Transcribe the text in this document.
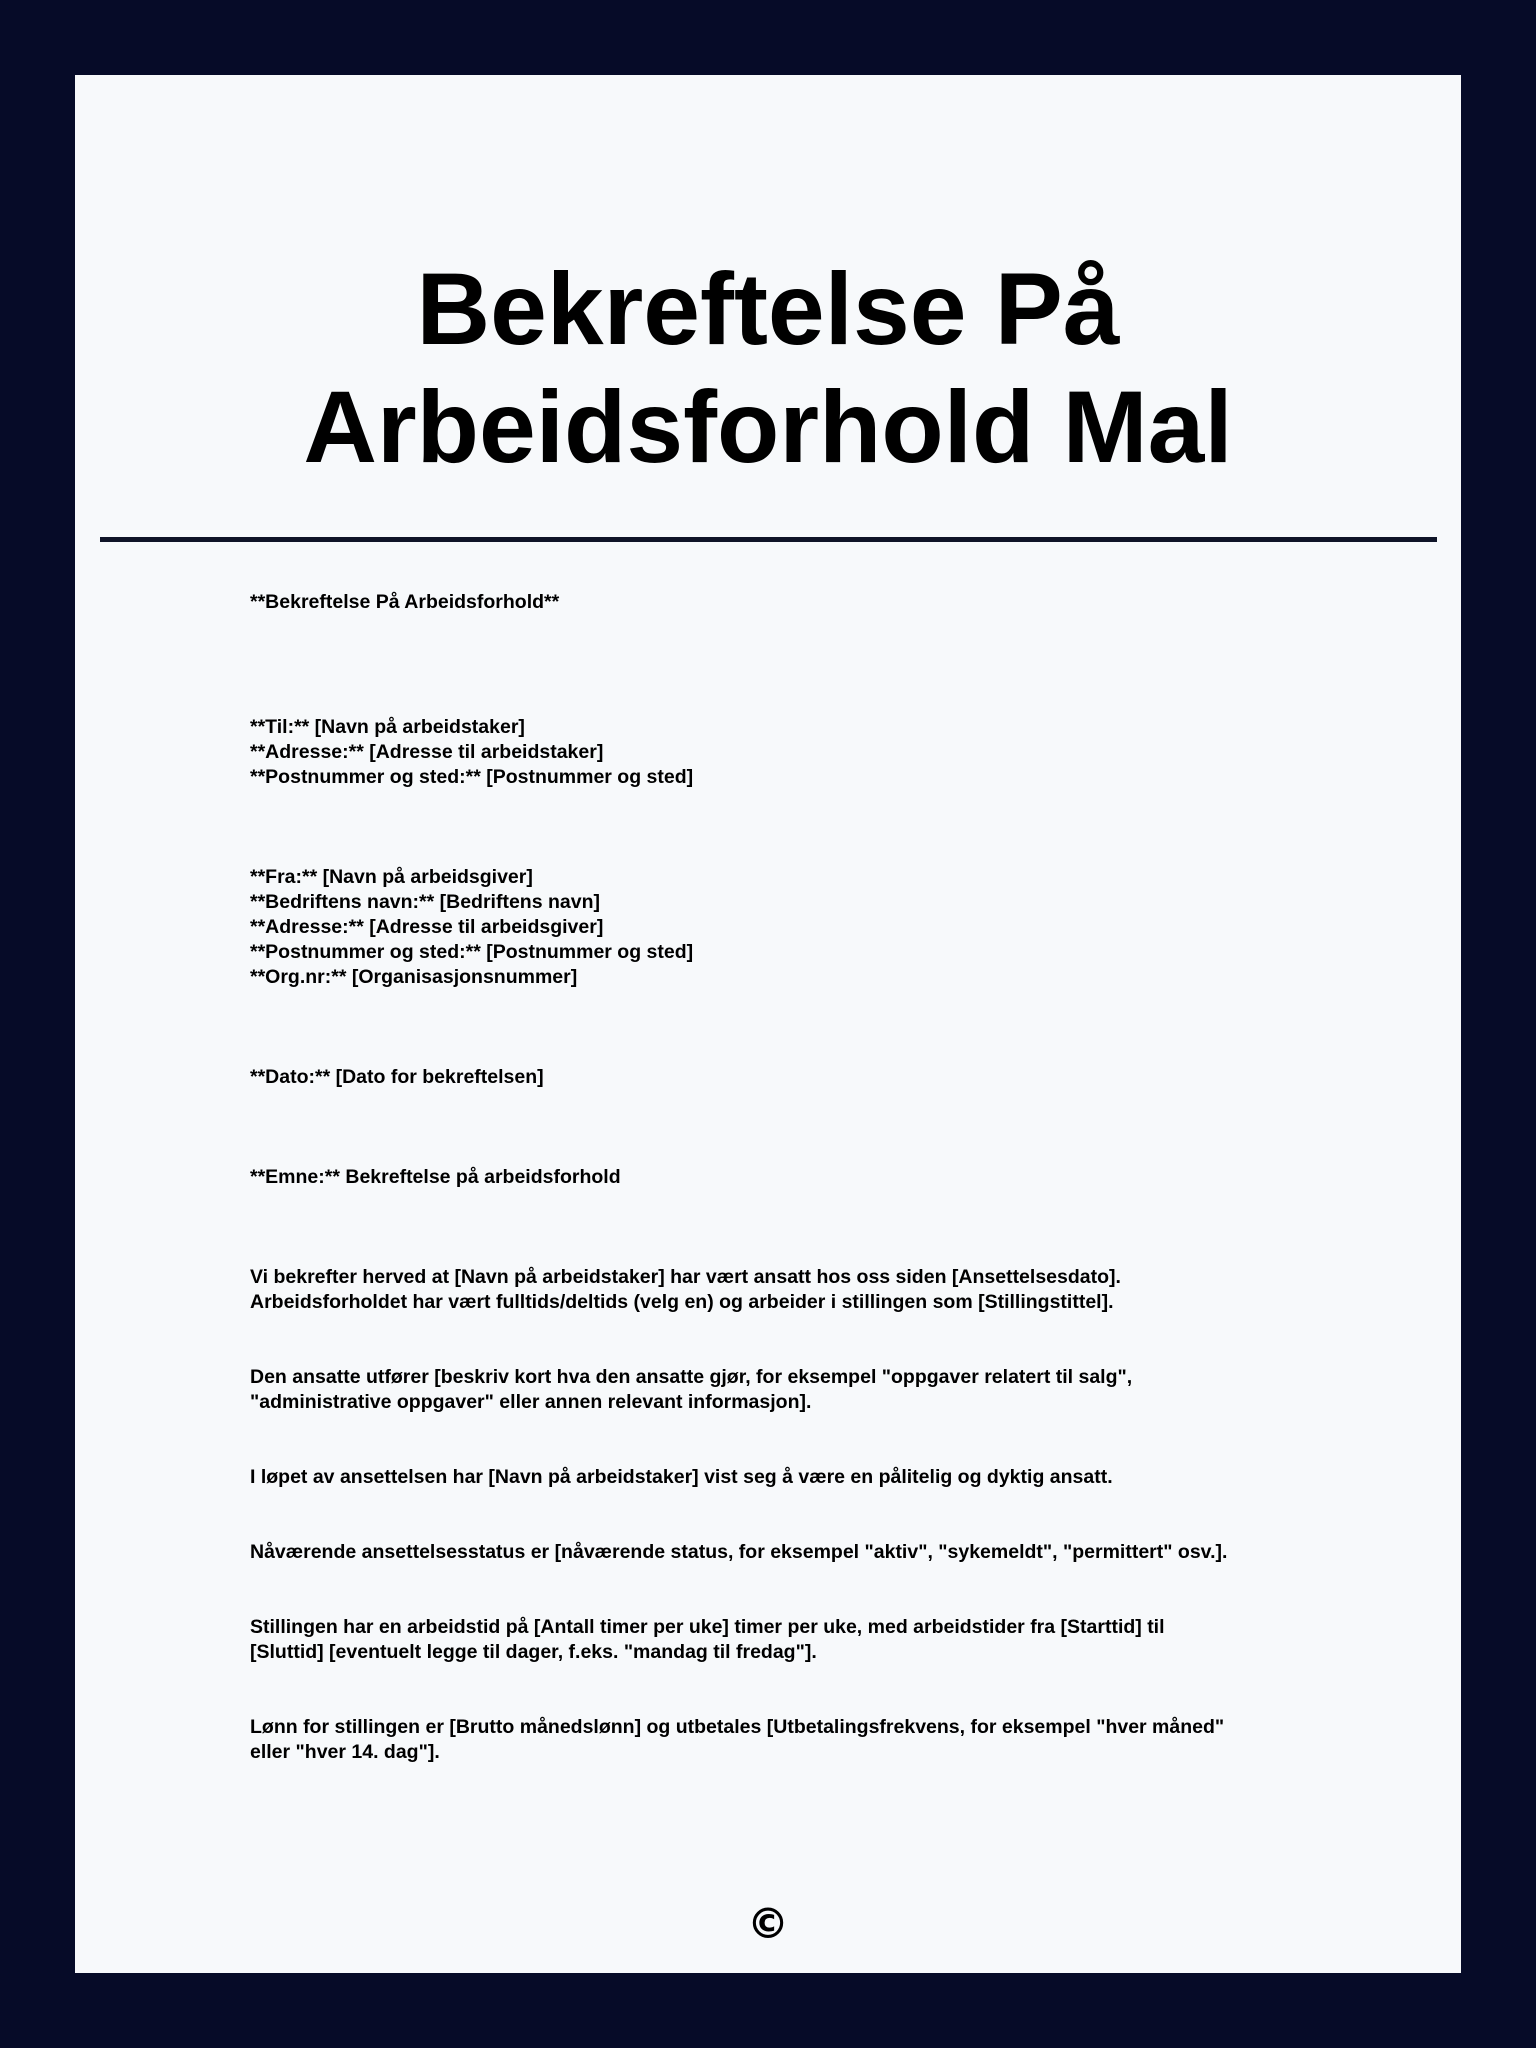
Bekreftelse På Arbeidsforhold Mal

**Bekreftelse På Arbeidsforhold**

**Til:** [Navn på arbeidstaker]
**Adresse:** [Adresse til arbeidstaker]
**Postnummer og sted:** [Postnummer og sted]
**Fra:** [Navn på arbeidsgiver]
**Bedriftens navn:** [Bedriftens navn]
**Adresse:** [Adresse til arbeidsgiver]
**Postnummer og sted:** [Postnummer og sted]
**Org.nr:** [Organisasjonsnummer]

**Dato:** [Dato for bekreftelsen]

**Emne:** Bekreftelse på arbeidsforhold

Vi bekrefter herved at [Navn på arbeidstaker] har vært ansatt hos oss siden [Ansettelsesdato].
Arbeidsforholdet har vært fulltids/deltids (velg en) og arbeider i stillingen som [Stillingstittel].

Den ansatte utfører [beskriv kort hva den ansatte gjør, for eksempel "oppgaver relatert til salg",
"administrative oppgaver" eller annen relevant informasjon].

I løpet av ansettelsen har [Navn på arbeidstaker] vist seg å være en pålitelig og dyktig ansatt.

Nåværende ansettelsesstatus er [nåværende status, for eksempel "aktiv", "sykemeldt", "permittert" osv.].

Stillingen har en arbeidstid på [Antall timer per uke] timer per uke, med arbeidstider fra [Starttid] til
[Sluttid] [eventuelt legge til dager, f.eks. "mandag til fredag"].

Lønn for stillingen er [Brutto månedslønn] og utbetales [Utbetalingsfrekvens, for eksempel "hver måned"
eller "hver 14. dag"].

©
